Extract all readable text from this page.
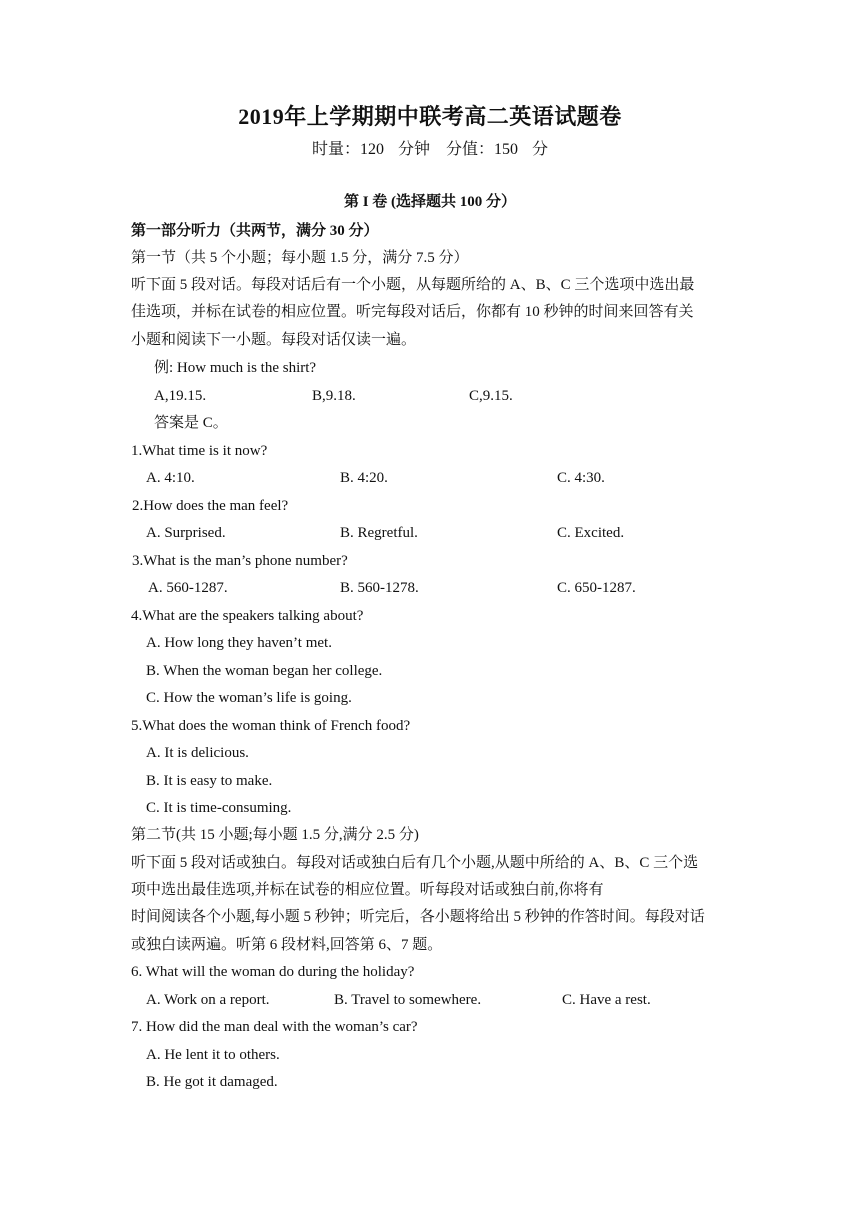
2019年上学期期中联考高二英语试题卷
时量：120 分钟　分值：150 分
第 I 卷 (选择题共 100 分）
第一部分听力（共两节，满分 30 分）
第一节（共 5 个小题；每小题 1.5 分，满分 7.5 分）
听下面 5 段对话。每段对话后有一个小题，从每题所给的 A、B、C 三个选项中选出最
佳选项，并标在试卷的相应位置。听完每段对话后，你都有 10 秒钟的时间来回答有关
小题和阅读下一小题。每段对话仅读一遍。
例: How much is the shirt?
A,19.15.	B,9.18.	C,9.15.
答案是 C。
1.What time is it now?
A. 4:10.	B. 4:20.	C. 4:30.
2.How does the man feel?
A. Surprised.	B. Regretful.	C. Excited.
3.What is the man’s phone number?
A. 560-1287.	B. 560-1278.	C. 650-1287.
4.What are the speakers talking about?
A. How long they haven’t met.
B. When the woman began her college.
C. How the woman’s life is going.
5.What does the woman think of French food?
A. It is delicious.
B. It is easy to make.
C. It is time-consuming.
第二节(共 15 小题;每小题 1.5 分,满分 2.5 分)
听下面 5 段对话或独白。每段对话或独白后有几个小题,从题中所给的 A、B、C 三个选
项中选出最佳选项,并标在试卷的相应位置。听每段对话或独白前,你将有
时间阅读各个小题,每小题 5 秒钟；听完后，各小题将给出 5 秒钟的作答时间。每段对话
或独白读两遍。听第 6 段材料,回答第 6、7 题。
6. What will the woman do during the holiday?
A. Work on a report.	B. Travel to somewhere.	C. Have a rest.
7. How did the man deal with the woman’s car?
A. He lent it to others.
B. He got it damaged.
